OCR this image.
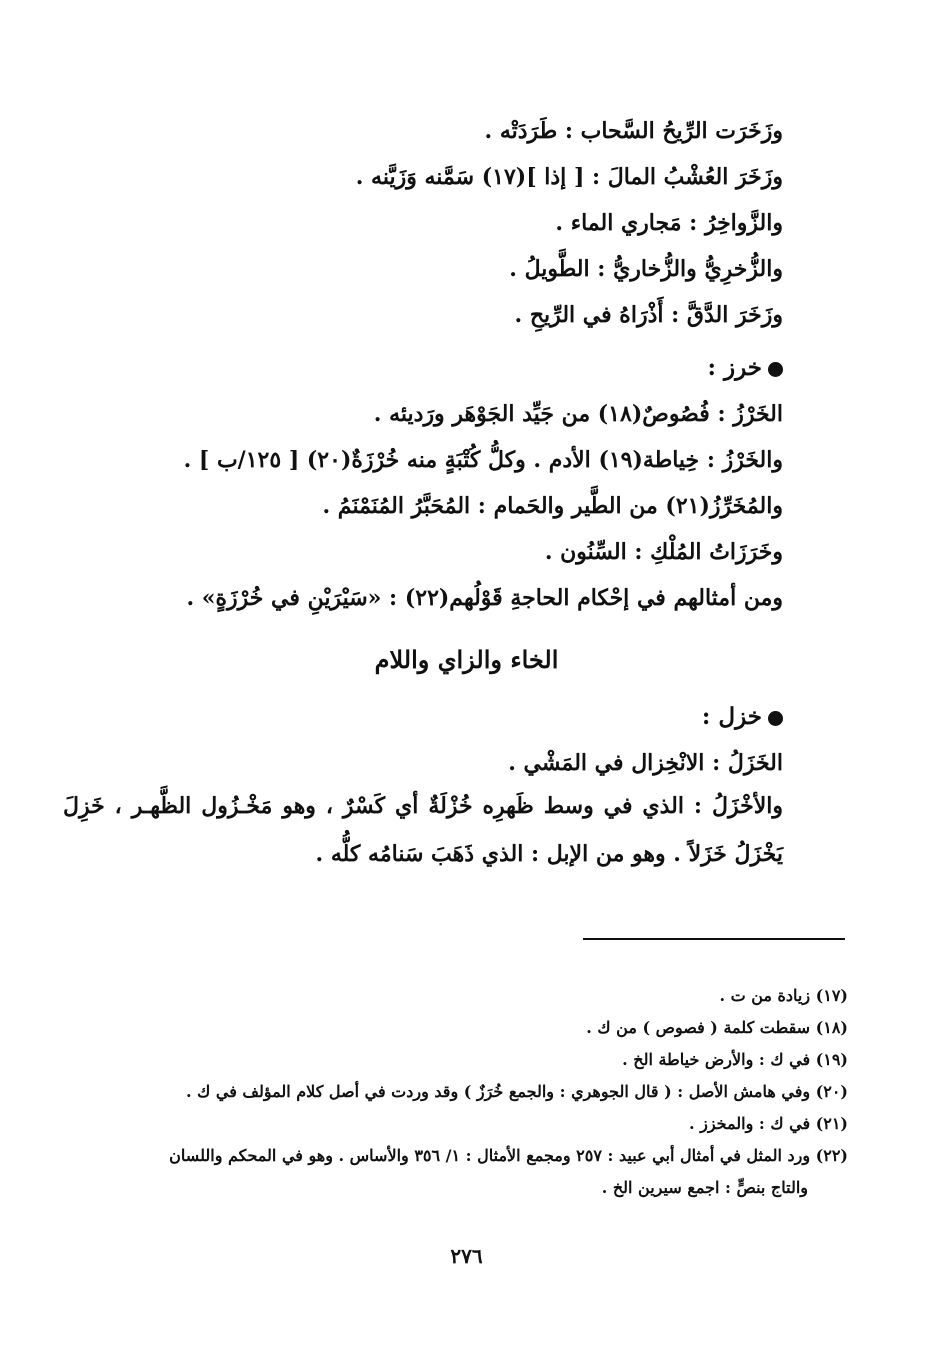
وزَخَرَت الرِّيحُ السَّحاب : طَرَدَتْه .
وزَخَرَ العُشْبُ المالَ : [ إذا ](١٧) سَمَّنه وَزَيَّنه .
والزَّواخِرُ : مَجاري الماء .
والزُّخرِيُّ والزُّخاريُّ : الطَّويلُ .
وزَخَرَ الدَّقَّ : أَذْرَاهُ في الرِّيحِ .
خرز :
الخَرْزُ : فُصُوصٌ(١٨) من جَيِّد الجَوْهَر ورَديئه .
والخَرْزُ : خِياطة(١٩) الأدم . وكلُّ كُتْبَةٍ منه خُرْزَةٌ(٢٠) [ ١٢٥/ب ] .
والمُخَرِّزُ(٢١) من الطَّير والحَمام : المُحَبَّرُ المُنَمْنَمُ .
وخَرَزَاتُ المُلْكِ : السِّنُون .
ومن أمثالهم في إحْكام الحاجةِ قَوْلُهم(٢٢) : «سَيْرَيْنِ في خُرْزَةٍ» .
الخاء والزاي واللام
خزل :
الخَزَلُ : الانْخِزال في المَشْي .
والأخْزَلُ : الذي في وسط ظَهرِه خُزْلَةٌ أي كَسْرٌ ، وهو مَخْـزُول الظَّهـر ، خَزِلَ يَخْزَلُ خَزَلاً . وهو من الإبل : الذي ذَهَبَ سَنامُه كلُّه .
(١٧) زيادة من ت .
(١٨) سقطت كلمة ( فصوص ) من ك .
(١٩) في ك : والأرض خياطة الخ .
(٢٠) وفي هامش الأصل : ( قال الجوهري : والجمع خُرَزٌ ) وقد وردت في أصل كلام المؤلف في ك .
(٢١) في ك : والمخزز .
(٢٢) ورد المثل في أمثال أبي عبيد : ٢٥٧ ومجمع الأمثال : ١/ ٣٥٦ والأساس . وهو في المحكم واللسان
والتاج بنصٍّ : اجمع سيرين الخ .
٢٧٦
